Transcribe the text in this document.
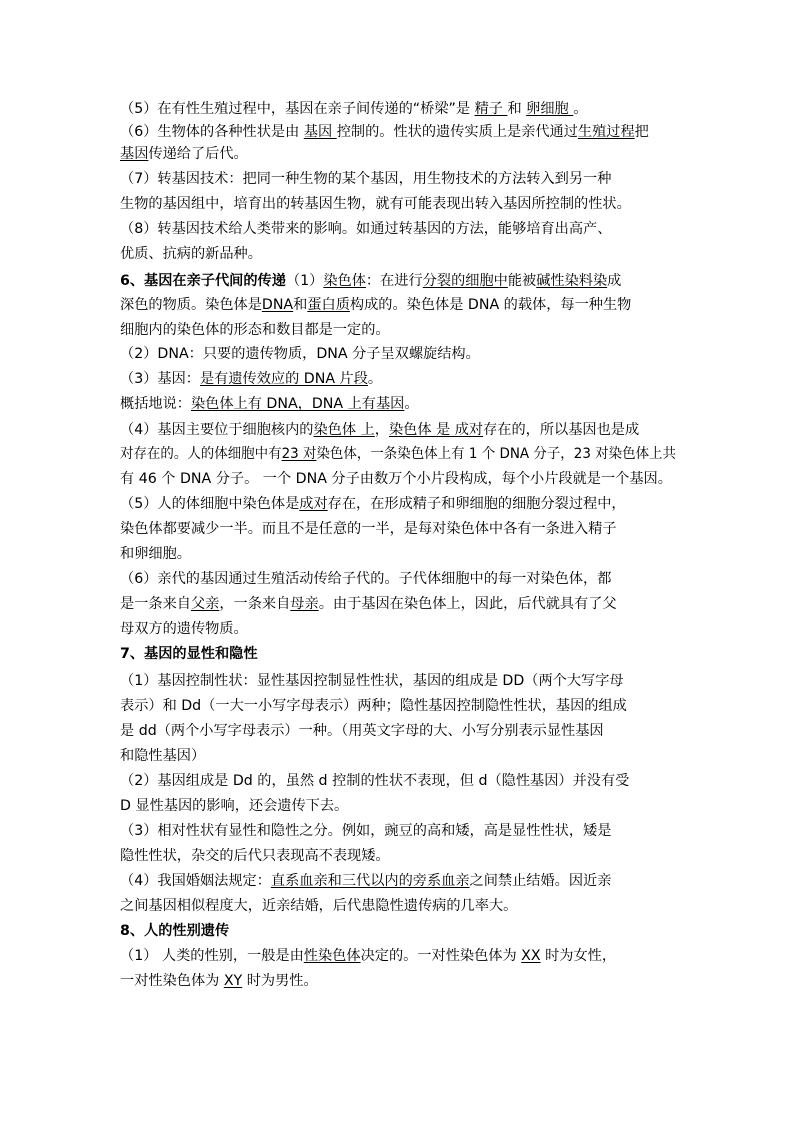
（5）在有性生殖过程中，基因在亲子间传递的“桥梁”是 精子 和 卵细胞 。
（6）生物体的各种性状是由 基因 控制的。性状的遗传实质上是亲代通过生殖过程把
基因传递给了后代。
（7）转基因技术：把同一种生物的某个基因，用生物技术的方法转入到另一种
生物的基因组中，培育出的转基因生物，就有可能表现出转入基因所控制的性状。
（8）转基因技术给人类带来的影响。如通过转基因的方法，能够培育出高产、
优质、抗病的新品种。
6、基因在亲子代间的传递（1）染色体：在进行分裂的细胞中能被碱性染料染成
深色的物质。染色体是DNA和蛋白质构成的。染色体是 DNA 的载体，每一种生物
细胞内的染色体的形态和数目都是一定的。
（2）DNA：只要的遗传物质，DNA 分子呈双螺旋结构。
（3）基因：是有遗传效应的 DNA 片段。
概括地说：染色体上有 DNA，DNA 上有基因。
（4）基因主要位于细胞核内的染色体 上，染色体 是 成对存在的，所以基因也是成
对存在的。人的体细胞中有23 对染色体，一条染色体上有 1 个 DNA 分子，23 对染色体上共
有 46 个 DNA 分子。 一个 DNA 分子由数万个小片段构成，每个小片段就是一个基因。
（5）人的体细胞中染色体是成对存在，在形成精子和卵细胞的细胞分裂过程中，
染色体都要减少一半。而且不是任意的一半，是每对染色体中各有一条进入精子
和卵细胞。
（6）亲代的基因通过生殖活动传给子代的。子代体细胞中的每一对染色体，都
是一条来自父亲，一条来自母亲。由于基因在染色体上，因此，后代就具有了父
母双方的遗传物质。
7、基因的显性和隐性
（1）基因控制性状：显性基因控制显性性状，基因的组成是 DD（两个大写字母
表示）和 Dd（一大一小写字母表示）两种；隐性基因控制隐性性状，基因的组成
是 dd（两个小写字母表示）一种。（用英文字母的大、小写分别表示显性基因
和隐性基因）
（2）基因组成是 Dd 的，虽然 d 控制的性状不表现，但 d（隐性基因）并没有受
D 显性基因的影响，还会遗传下去。
（3）相对性状有显性和隐性之分。例如，豌豆的高和矮，高是显性性状，矮是
隐性性状，杂交的后代只表现高不表现矮。
（4）我国婚姻法规定：直系血亲和三代以内的旁系血亲之间禁止结婚。因近亲
之间基因相似程度大，近亲结婚，后代患隐性遗传病的几率大。
8、人的性别遗传
（1） 人类的性别，一般是由性染色体决定的。一对性染色体为 XX 时为女性，
一对性染色体为 XY 时为男性。
